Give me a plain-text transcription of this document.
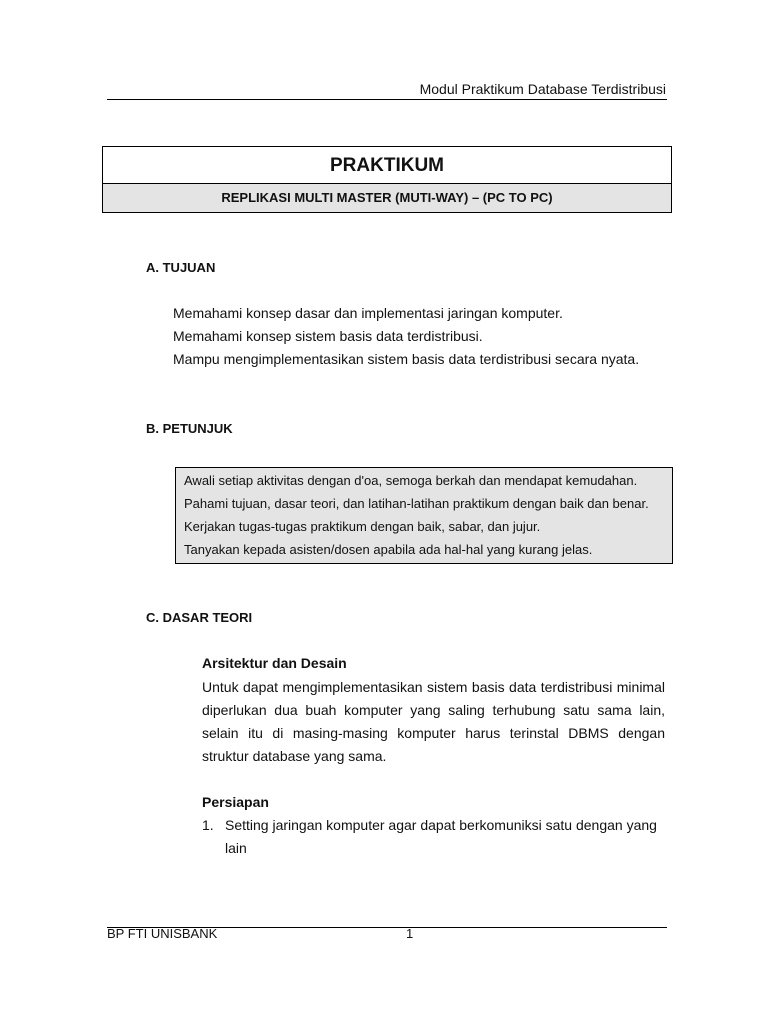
Modul Praktikum Database Terdistribusi
PRAKTIKUM
REPLIKASI MULTI MASTER (MUTI-WAY) – (PC TO PC)
A. TUJUAN
Memahami konsep dasar dan implementasi jaringan komputer.
Memahami konsep sistem basis data terdistribusi.
Mampu mengimplementasikan sistem basis data terdistribusi secara nyata.
B. PETUNJUK
Awali setiap aktivitas dengan d'oa, semoga berkah dan mendapat kemudahan.
Pahami tujuan, dasar teori, dan latihan-latihan praktikum dengan baik dan benar.
Kerjakan tugas-tugas praktikum dengan baik, sabar, dan jujur.
Tanyakan kepada asisten/dosen apabila ada hal-hal yang kurang jelas.
C. DASAR TEORI
Arsitektur dan Desain
Untuk dapat mengimplementasikan sistem basis data terdistribusi minimal diperlukan dua buah komputer yang saling terhubung satu sama lain, selain itu di masing-masing komputer harus terinstal DBMS dengan struktur database yang sama.
Persiapan
1. Setting jaringan komputer agar dapat berkomuniksi satu dengan yang lain
BP FTI UNISBANK	1
